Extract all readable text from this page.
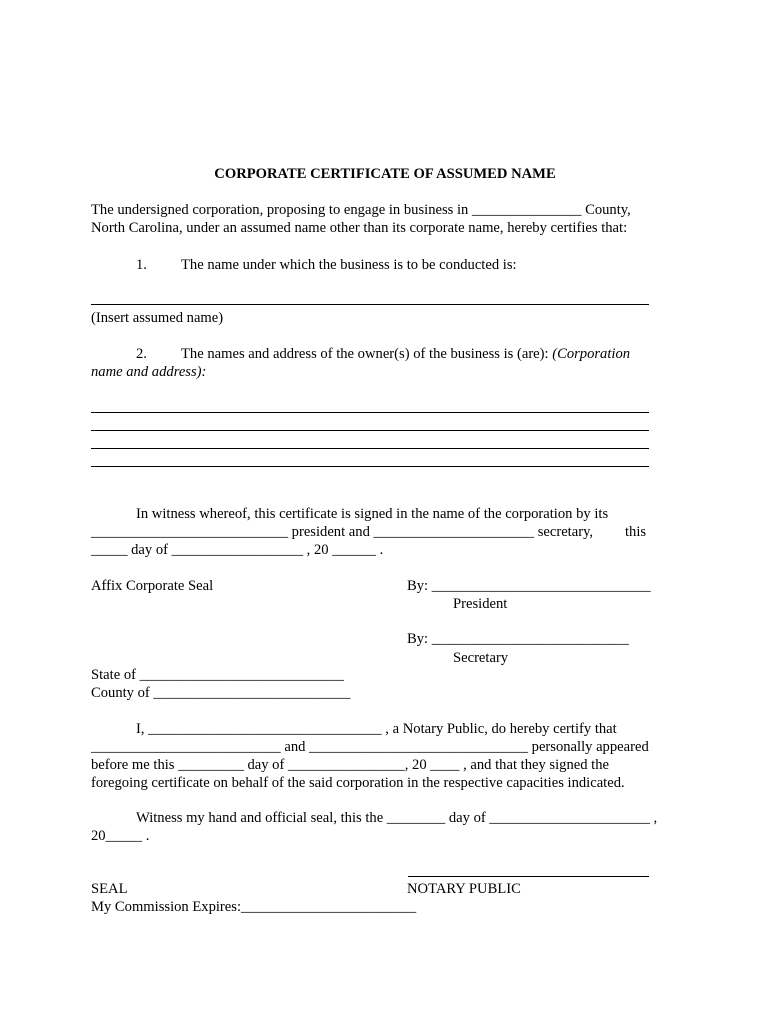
CORPORATE CERTIFICATE OF ASSUMED NAME
The undersigned corporation, proposing to engage in business in _______________ County,
North Carolina, under an assumed name other than its corporate name, hereby certifies that:
1. The name under which the business is to be conducted is:
(Insert assumed name)
2. The names and address of the owner(s) of the business is (are): (Corporation
name and address):
In witness whereof, this certificate is signed in the name of the corporation by its
___________________________ president and ______________________ secretary, this
_____ day of __________________ , 20 ______ .
Affix Corporate Seal	By: ______________________________
President
By: ___________________________
Secretary
State of ____________________________
County of ___________________________
I, ________________________________ , a Notary Public, do hereby certify that
__________________________ and ______________________________ personally appeared
before me this _________ day of ________________, 20 ____ , and that they signed the
foregoing certificate on behalf of the said corporation in the respective capacities indicated.
Witness my hand and official seal, this the ________ day of ______________________ ,
20_____ .
SEAL	NOTARY PUBLIC
My Commission Expires:________________________
